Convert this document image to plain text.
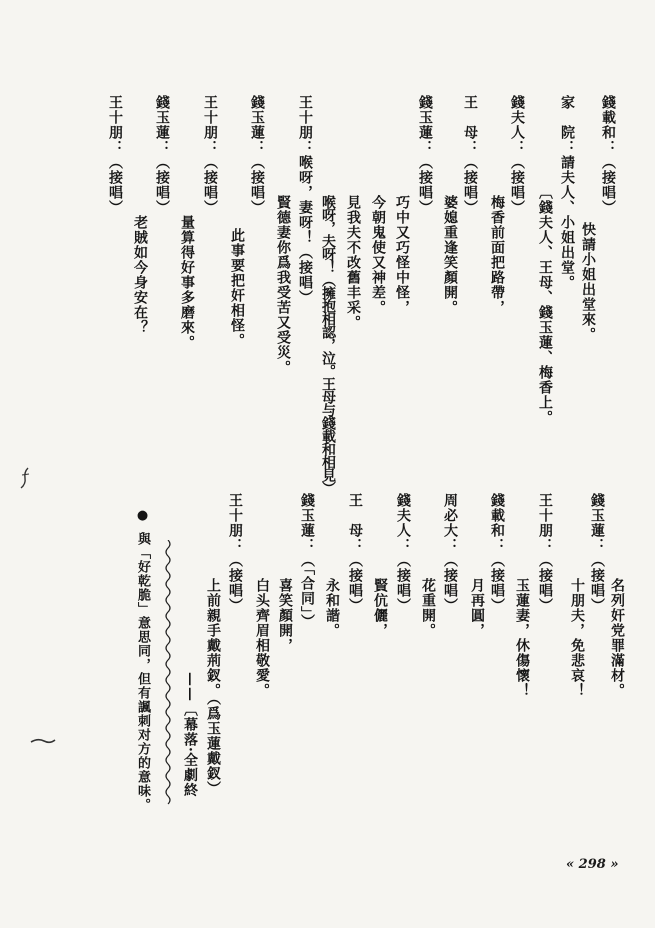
錢載和：（接唱）
快請小姐出堂來。
家　院：請夫人、小姐出堂。
〔錢夫人、王母、錢玉蓮、梅香上。
錢夫人：（接唱）
梅香前面把路帶，
王　母：（接唱）
婆媳重逢笑顏開。
錢玉蓮：（接唱）
巧中又巧怪中怪，
今朝鬼使又神差。
見我夫不改舊丰采。
喉呀，夫呀！（擁抱相認，泣。王母与錢載和相見）
王十朋：喉呀，妻呀！（接唱）
賢德妻你爲我受苦又受災。
錢玉蓮：（接唱）
此事要把奸相怪。
王十朋：（接唱）
量算得好事多磨來。
錢玉蓮：（接唱）
老賊如今身安在？
王十朋：（接唱）
名列奸党罪滿材。
錢玉蓮：（接唱）
十朋夫，免悲哀！
王十朋：（接唱）
玉蓮妻，休傷懷！
錢載和：（接唱）
月再圓，
周必大：（接唱）
花重開。
錢夫人：（接唱）
賢伉儷，
王　母：（接唱）
永和諧。
錢玉蓮：（「合同」）
喜笑顏開，
白头齊眉相敬愛。
王十朋：（接唱）
上前親手戴荊釵。（爲玉蓮戴釵）
——〔幕落·全劇終
●與「好乾脆」意思同，但有諷刺对方的意味。
« 298 »
